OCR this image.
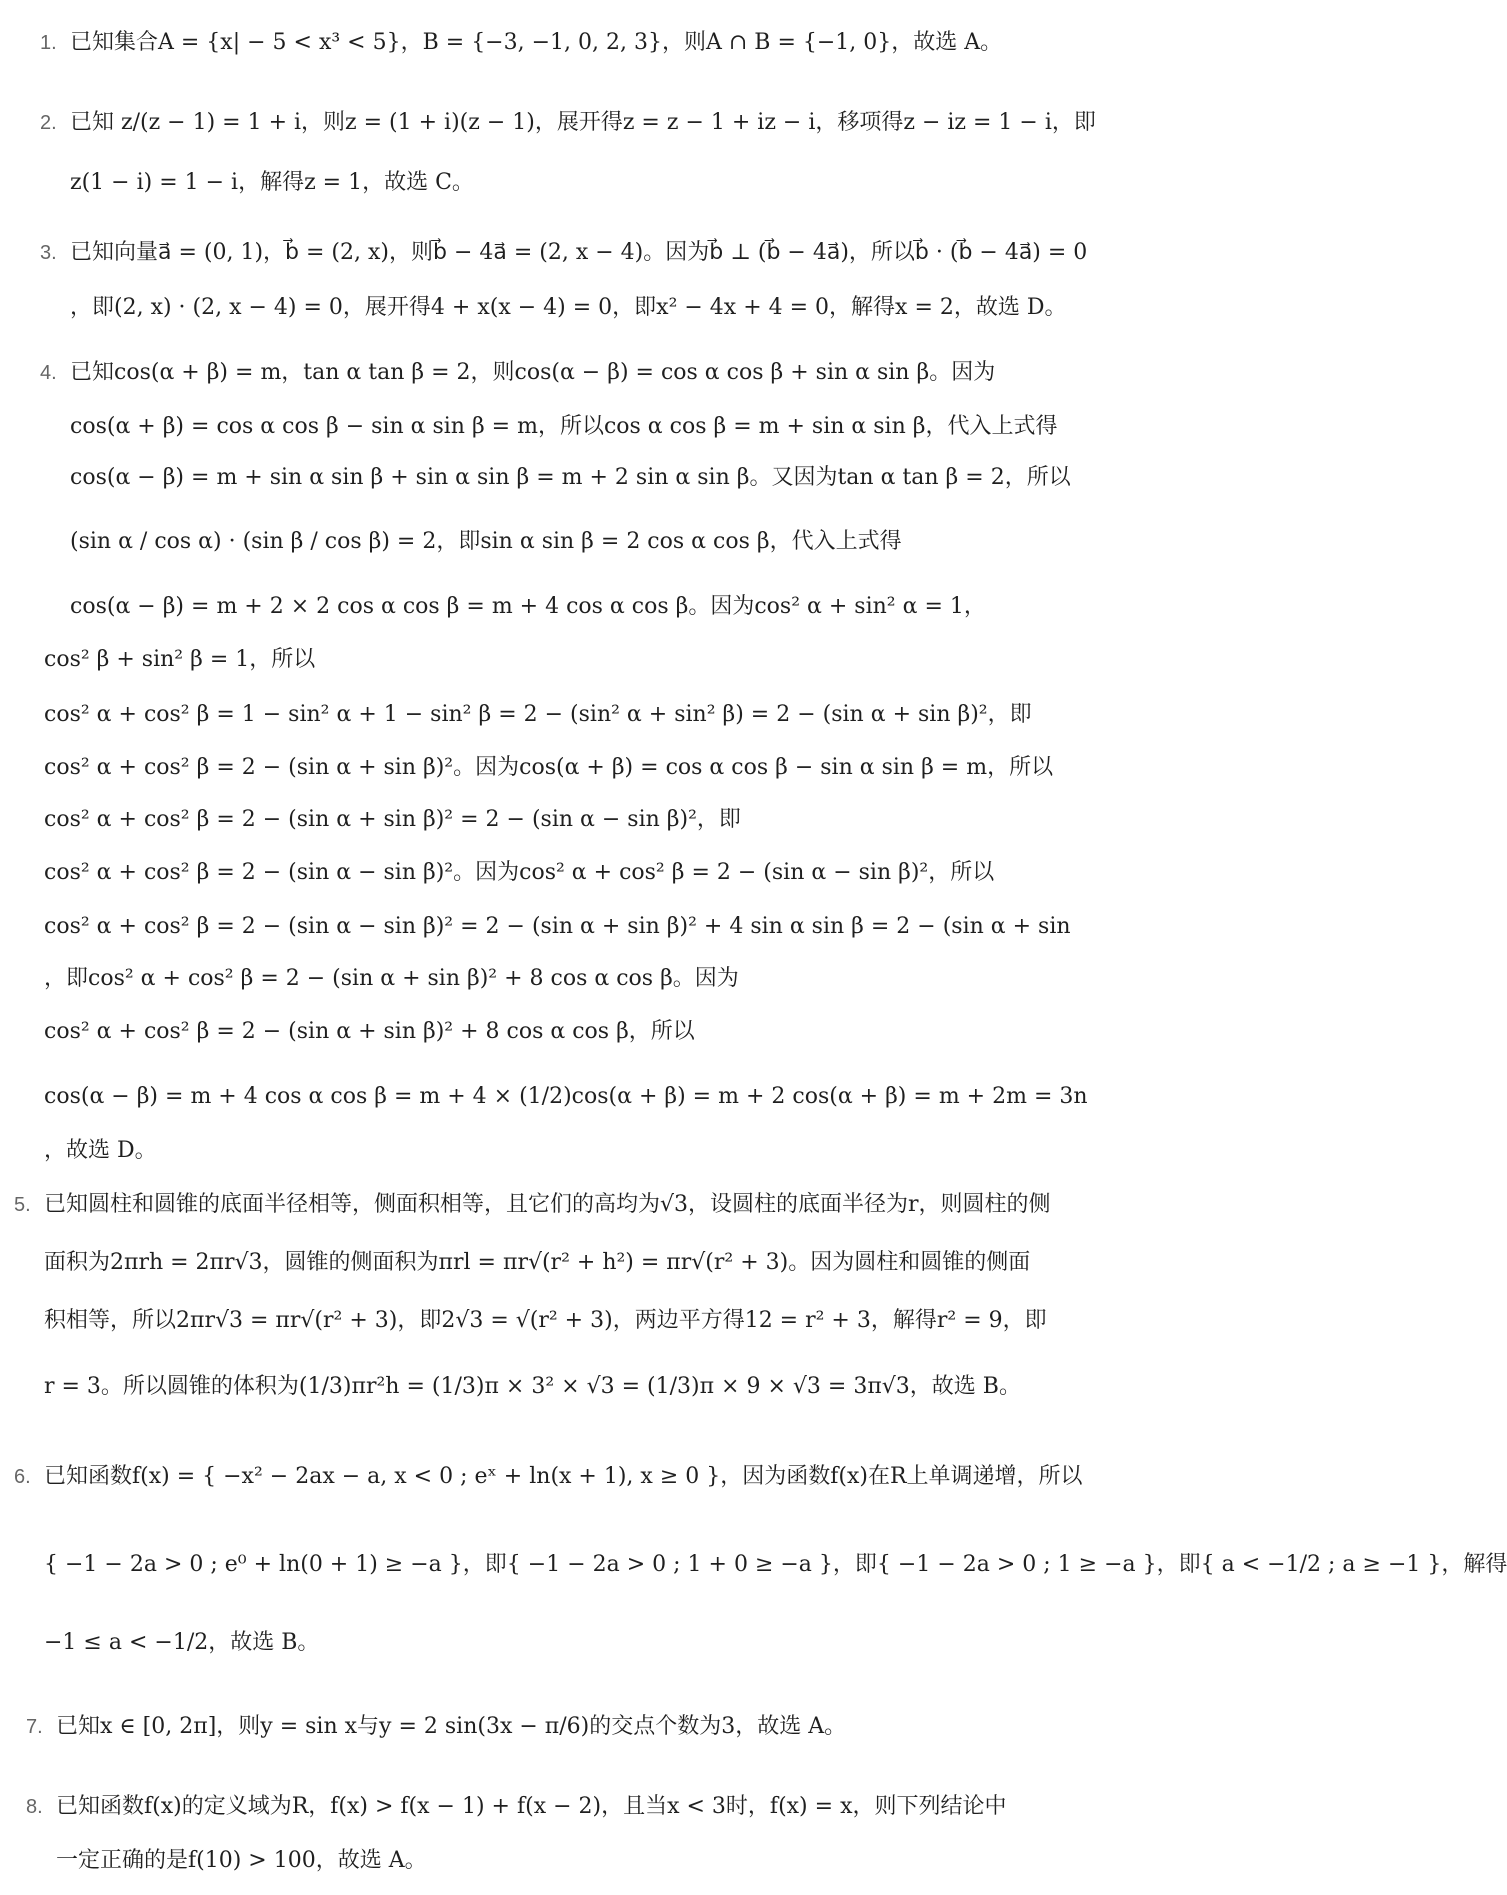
1. 已知集合A = {x| − 5 < x³ < 5}，B = {−3, −1, 0, 2, 3}，则A ∩ B = {−1, 0}，故选 A。
2. 已知 z/(z − 1) = 1 + i，则z = (1 + i)(z − 1)，展开得z = z − 1 + iz − i，移项得z − iz = 1 − i，即
z(1 − i) = 1 − i，解得z = 1，故选 C。
3. 已知向量a⃗ = (0, 1)，b⃗ = (2, x)，则b⃗ − 4a⃗ = (2, x − 4)。因为b⃗ ⊥ (b⃗ − 4a⃗)，所以b⃗ · (b⃗ − 4a⃗) = 0
，即(2, x) · (2, x − 4) = 0，展开得4 + x(x − 4) = 0，即x² − 4x + 4 = 0，解得x = 2，故选 D。
4. 已知cos(α + β) = m，tan α tan β = 2，则cos(α − β) = cos α cos β + sin α sin β。因为
cos(α + β) = cos α cos β − sin α sin β = m，所以cos α cos β = m + sin α sin β，代入上式得
cos(α − β) = m + sin α sin β + sin α sin β = m + 2 sin α sin β。又因为tan α tan β = 2，所以
(sin α / cos α) · (sin β / cos β) = 2，即sin α sin β = 2 cos α cos β，代入上式得
cos(α − β) = m + 2 × 2 cos α cos β = m + 4 cos α cos β。因为cos² α + sin² α = 1，
cos² β + sin² β = 1，所以
cos² α + cos² β = 1 − sin² α + 1 − sin² β = 2 − (sin² α + sin² β) = 2 − (sin α + sin β)²，即
cos² α + cos² β = 2 − (sin α + sin β)²。因为cos(α + β) = cos α cos β − sin α sin β = m，所以
cos² α + cos² β = 2 − (sin α + sin β)² = 2 − (sin α − sin β)²，即
cos² α + cos² β = 2 − (sin α − sin β)²。因为cos² α + cos² β = 2 − (sin α − sin β)²，所以
cos² α + cos² β = 2 − (sin α − sin β)² = 2 − (sin α + sin β)² + 4 sin α sin β = 2 − (sin α + sin
，即cos² α + cos² β = 2 − (sin α + sin β)² + 8 cos α cos β。因为
cos² α + cos² β = 2 − (sin α + sin β)² + 8 cos α cos β，所以
cos(α − β) = m + 4 cos α cos β = m + 4 × (1/2)cos(α + β) = m + 2 cos(α + β) = m + 2m = 3n
，故选 D。
5. 已知圆柱和圆锥的底面半径相等，侧面积相等，且它们的高均为√3，设圆柱的底面半径为r，则圆柱的侧
面积为2πrh = 2πr√3，圆锥的侧面积为πrl = πr√(r² + h²) = πr√(r² + 3)。因为圆柱和圆锥的侧面
积相等，所以2πr√3 = πr√(r² + 3)，即2√3 = √(r² + 3)，两边平方得12 = r² + 3，解得r² = 9，即
r = 3。所以圆锥的体积为(1/3)πr²h = (1/3)π × 3² × √3 = (1/3)π × 9 × √3 = 3π√3，故选 B。
6. 已知函数f(x) = { −x² − 2ax − a, x < 0 ; eˣ + ln(x + 1), x ≥ 0 }，因为函数f(x)在R上单调递增，所以
{ −1 − 2a > 0 ; e⁰ + ln(0 + 1) ≥ −a }，即{ −1 − 2a > 0 ; 1 + 0 ≥ −a }，即{ −1 − 2a > 0 ; 1 ≥ −a }，即{ a < −1/2 ; a ≥ −1 }，解得
−1 ≤ a < −1/2，故选 B。
7. 已知x ∈ [0, 2π]，则y = sin x与y = 2 sin(3x − π/6)的交点个数为3，故选 A。
8. 已知函数f(x)的定义域为R，f(x) > f(x − 1) + f(x − 2)，且当x < 3时，f(x) = x，则下列结论中
一定正确的是f(10) > 100，故选 A。
